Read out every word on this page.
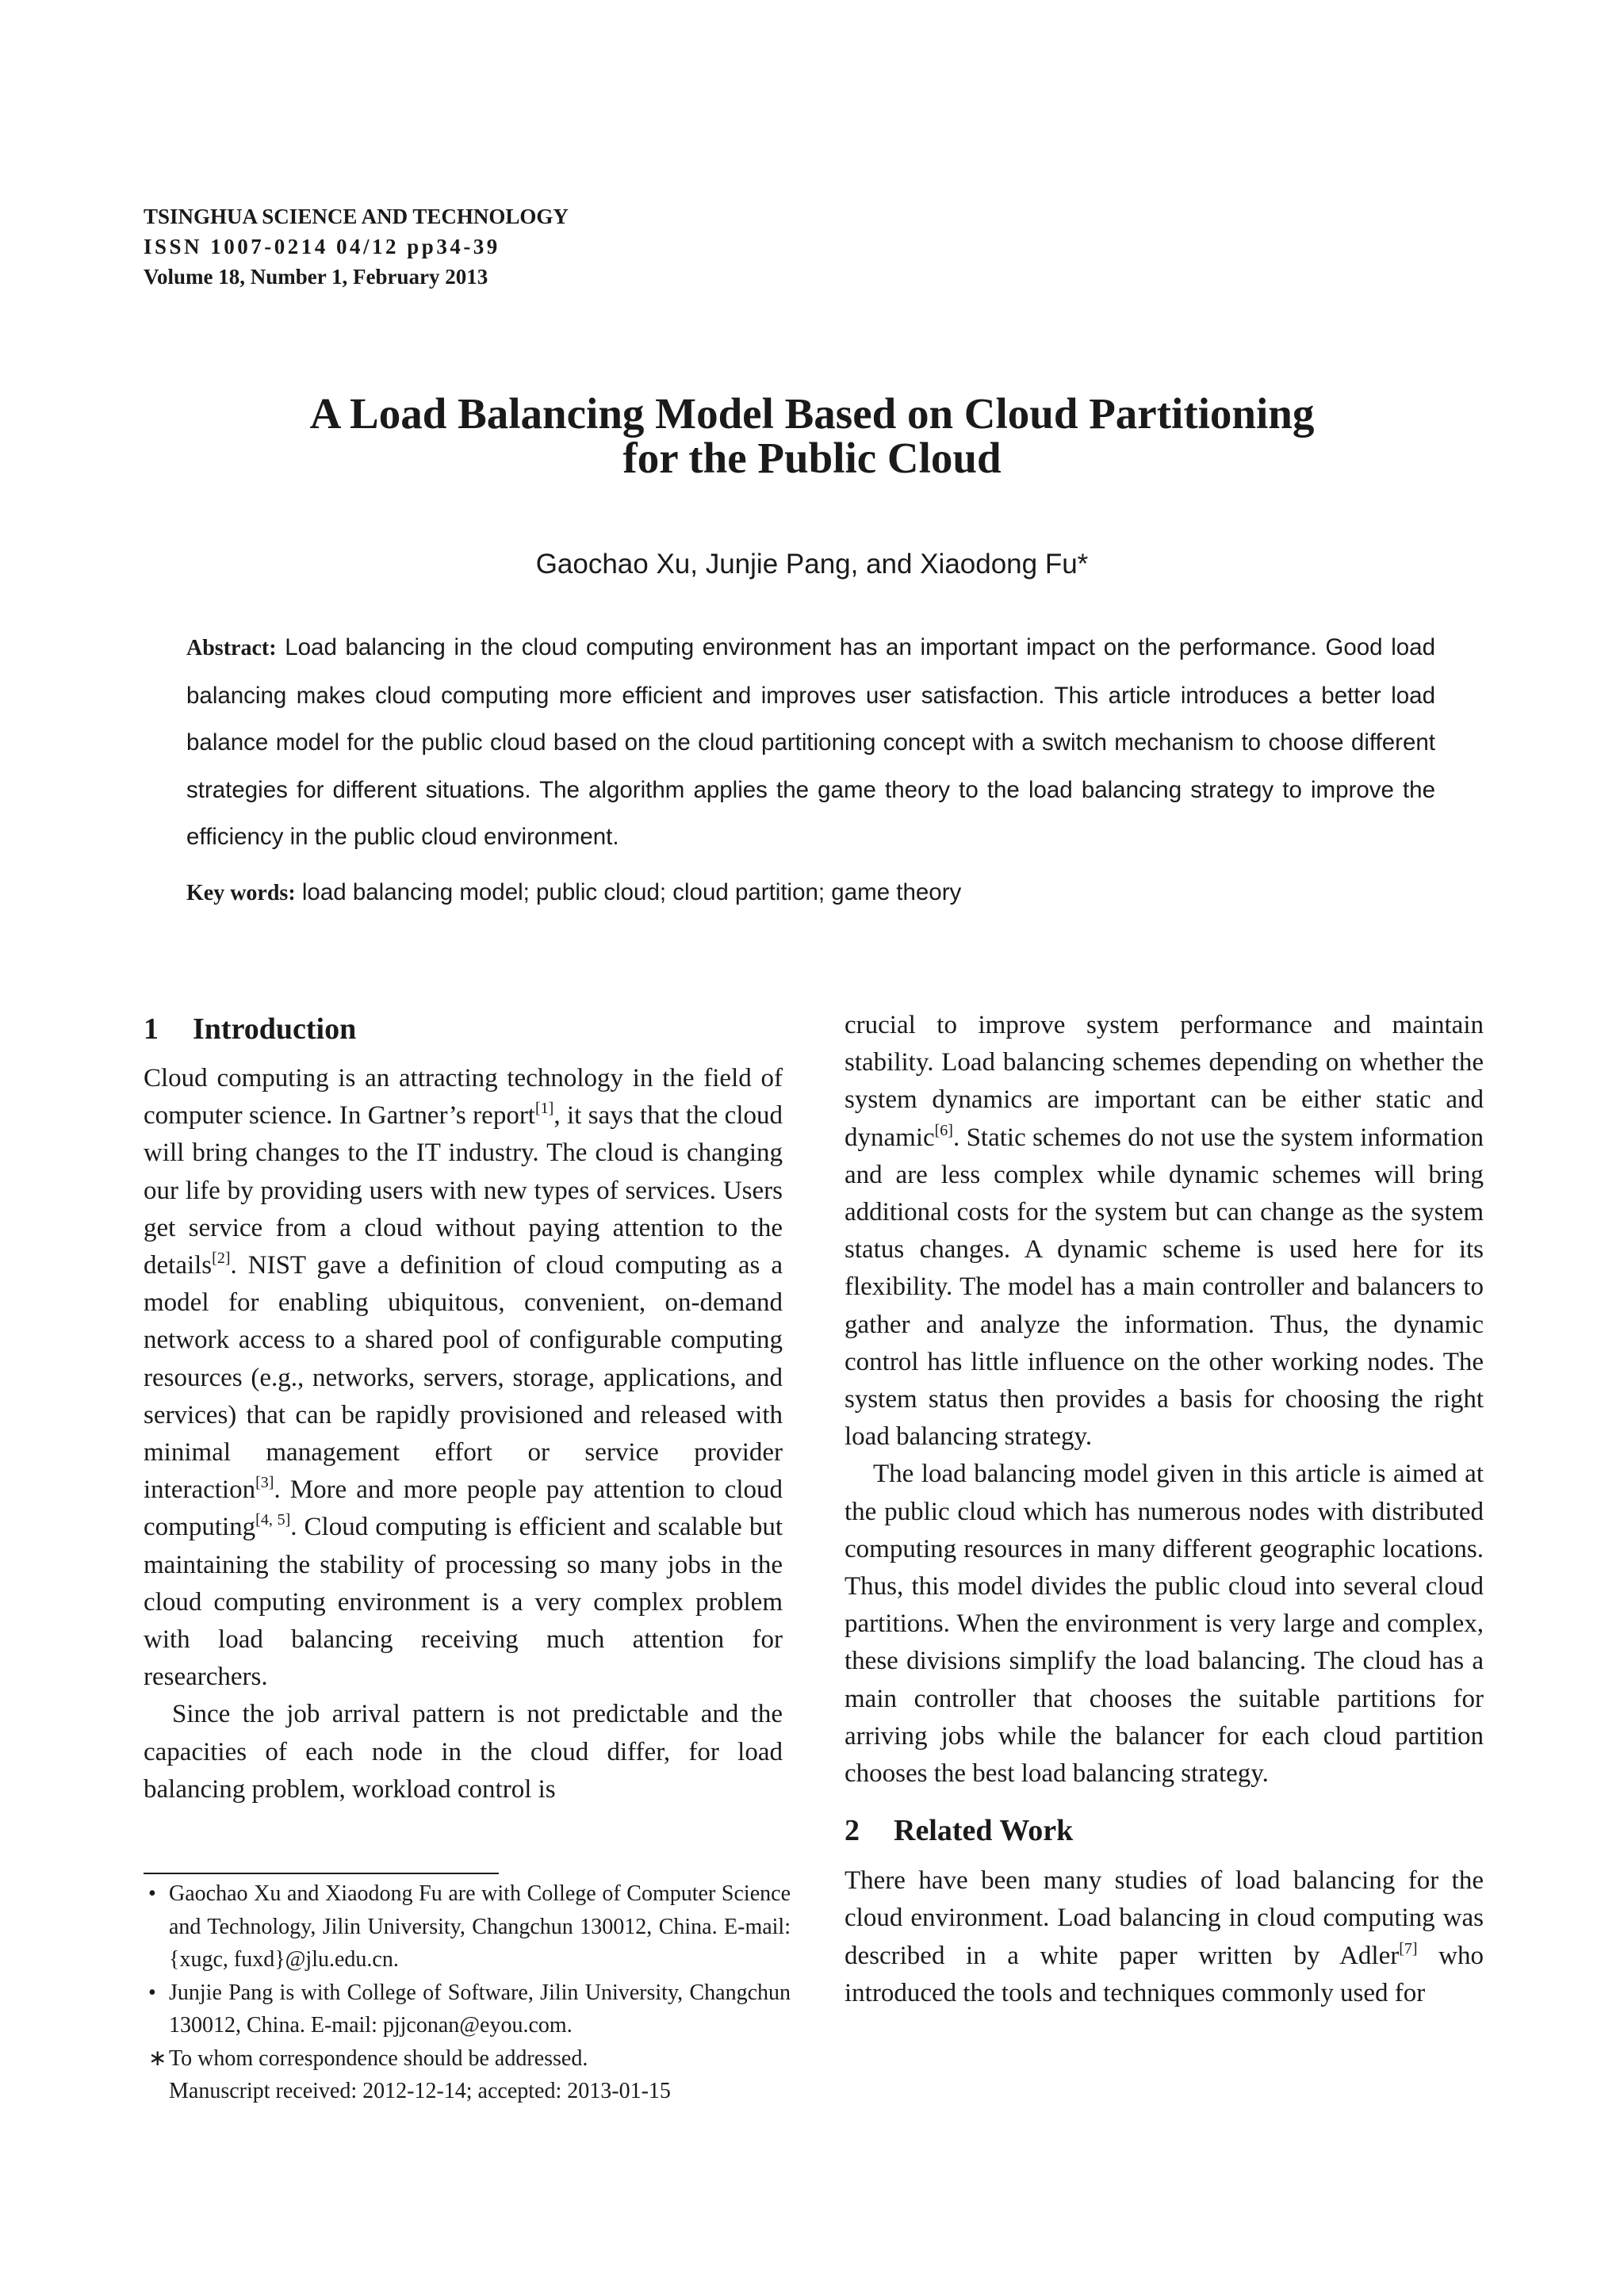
TSINGHUA SCIENCE AND TECHNOLOGY
ISSN 1007-0214 04/12 pp34-39
Volume 18, Number 1, February 2013
A Load Balancing Model Based on Cloud Partitioning
for the Public Cloud
Gaochao Xu, Junjie Pang, and Xiaodong Fu*
Abstract: Load balancing in the cloud computing environment has an important impact on the performance. Good load balancing makes cloud computing more efficient and improves user satisfaction. This article introduces a better load balance model for the public cloud based on the cloud partitioning concept with a switch mechanism to choose different strategies for different situations. The algorithm applies the game theory to the load balancing strategy to improve the efficiency in the public cloud environment.
Key words: load balancing model; public cloud; cloud partition; game theory
1 Introduction

Cloud computing is an attracting technology in the field of computer science. In Gartner’s report[1], it says that the cloud will bring changes to the IT industry. The cloud is changing our life by providing users with new types of services. Users get service from a cloud without paying attention to the details[2]. NIST gave a definition of cloud computing as a model for enabling ubiquitous, convenient, on-demand network access to a shared pool of configurable computing resources (e.g., networks, servers, storage, applications, and services) that can be rapidly provisioned and released with minimal management effort or service provider interaction[3]. More and more people pay attention to cloud computing[4, 5]. Cloud computing is efficient and scalable but maintaining the stability of processing so many jobs in the cloud computing environment is a very complex problem with load balancing receiving much attention for researchers.

Since the job arrival pattern is not predictable and the capacities of each node in the cloud differ, for load balancing problem, workload control is

• Gaochao Xu and Xiaodong Fu are with College of Computer Science and Technology, Jilin University, Changchun 130012, China. E-mail: {xugc, fuxd}@jlu.edu.cn.
• Junjie Pang is with College of Software, Jilin University, Changchun 130012, China. E-mail: pjjconan@eyou.com.
∗ To whom correspondence should be addressed.
Manuscript received: 2012-12-14; accepted: 2013-01-15

crucial to improve system performance and maintain stability. Load balancing schemes depending on whether the system dynamics are important can be either static and dynamic[6]. Static schemes do not use the system information and are less complex while dynamic schemes will bring additional costs for the system but can change as the system status changes. A dynamic scheme is used here for its flexibility. The model has a main controller and balancers to gather and analyze the information. Thus, the dynamic control has little influence on the other working nodes. The system status then provides a basis for choosing the right load balancing strategy.

The load balancing model given in this article is aimed at the public cloud which has numerous nodes with distributed computing resources in many different geographic locations. Thus, this model divides the public cloud into several cloud partitions. When the environment is very large and complex, these divisions simplify the load balancing. The cloud has a main controller that chooses the suitable partitions for arriving jobs while the balancer for each cloud partition chooses the best load balancing strategy.

2 Related Work

There have been many studies of load balancing for the cloud environment. Load balancing in cloud computing was described in a white paper written by Adler[7] who introduced the tools and techniques commonly used for
